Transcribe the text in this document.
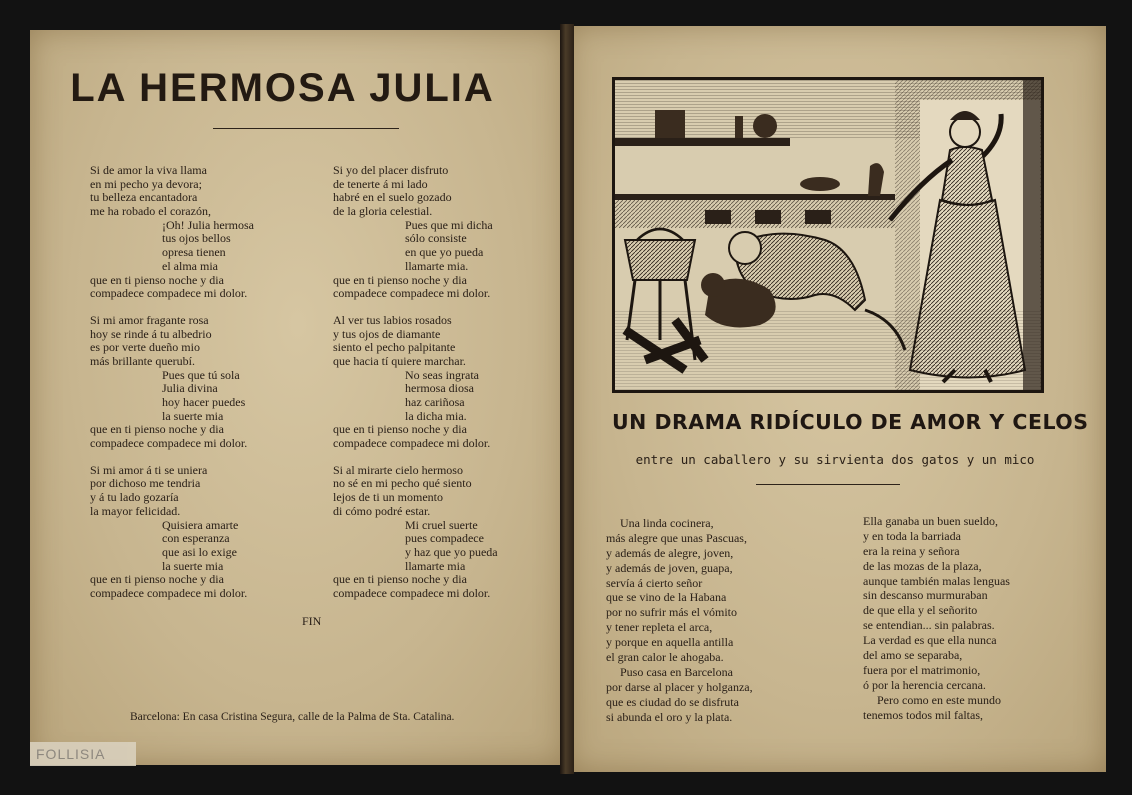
LA HERMOSA JULIA
Si de amor la viva llama
en mi pecho ya devora;
tu belleza encantadora
me ha robado el corazón,
¡Oh! Julia hermosa
tus ojos bellos
opresa tienen
el alma mia
que en ti pienso noche y dia
compadece compadece mi dolor.
Si mi amor fragante rosa
hoy se rinde á tu albedrio
es por verte dueño mio
más brillante querubí.
Pues que tú sola
Julia divina
hoy hacer puedes
la suerte mia
que en ti pienso noche y dia
compadece compadece mi dolor.
Si mi amor á ti se uniera
por dichoso me tendria
y á tu lado gozaría
la mayor felicidad.
Quisiera amarte
con esperanza
que asi lo exige
la suerte mia
que en ti pienso noche y dia
compadece compadece mi dolor.
Si yo del placer disfruto
de tenerte á mi lado
habré en el suelo gozado
de la gloria celestial.
Pues que mi dicha
sólo consiste
en que yo pueda
llamarte mia.
que en ti pienso noche y dia
compadece compadece mi dolor.
Al ver tus labios rosados
y tus ojos de diamante
siento el pecho palpitante
que hacia tí quiere marchar.
No seas ingrata
hermosa diosa
haz cariñosa
la dicha mia.
que en ti pienso noche y dia
compadece compadece mi dolor.
Si al mirarte cielo hermoso
no sé en mi pecho qué siento
lejos de ti un momento
di cómo podré estar.
Mi cruel suerte
pues compadece
y haz que yo pueda
llamarte mia
que en ti pienso noche y dia
compadece compadece mi dolor.
FIN
Barcelona: En casa Cristina Segura, calle de la Palma de Sta. Catalina.
FOLLISIA
UN DRAMA RIDÍCULO DE AMOR Y CELOS
entre un caballero y su sirvienta dos gatos y un mico
Una linda cocinera,
más alegre que unas Pascuas,
y además de alegre, joven,
y además de joven, guapa,
servía á cierto señor
que se vino de la Habana
por no sufrir más el vómito
y tener repleta el arca,
y porque en aquella antilla
el gran calor le ahogaba.
Puso casa en Barcelona
por darse al placer y holganza,
que es ciudad do se disfruta
si abunda el oro y la plata.
Ella ganaba un buen sueldo,
y en toda la barriada
era la reina y señora
de las mozas de la plaza,
aunque también malas lenguas
sin descanso murmuraban
de que ella y el señorito
se entendian... sin palabras.
La verdad es que ella nunca
del amo se separaba,
fuera por el matrimonio,
ó por la herencia cercana.
Pero como en este mundo
tenemos todos mil faltas,
